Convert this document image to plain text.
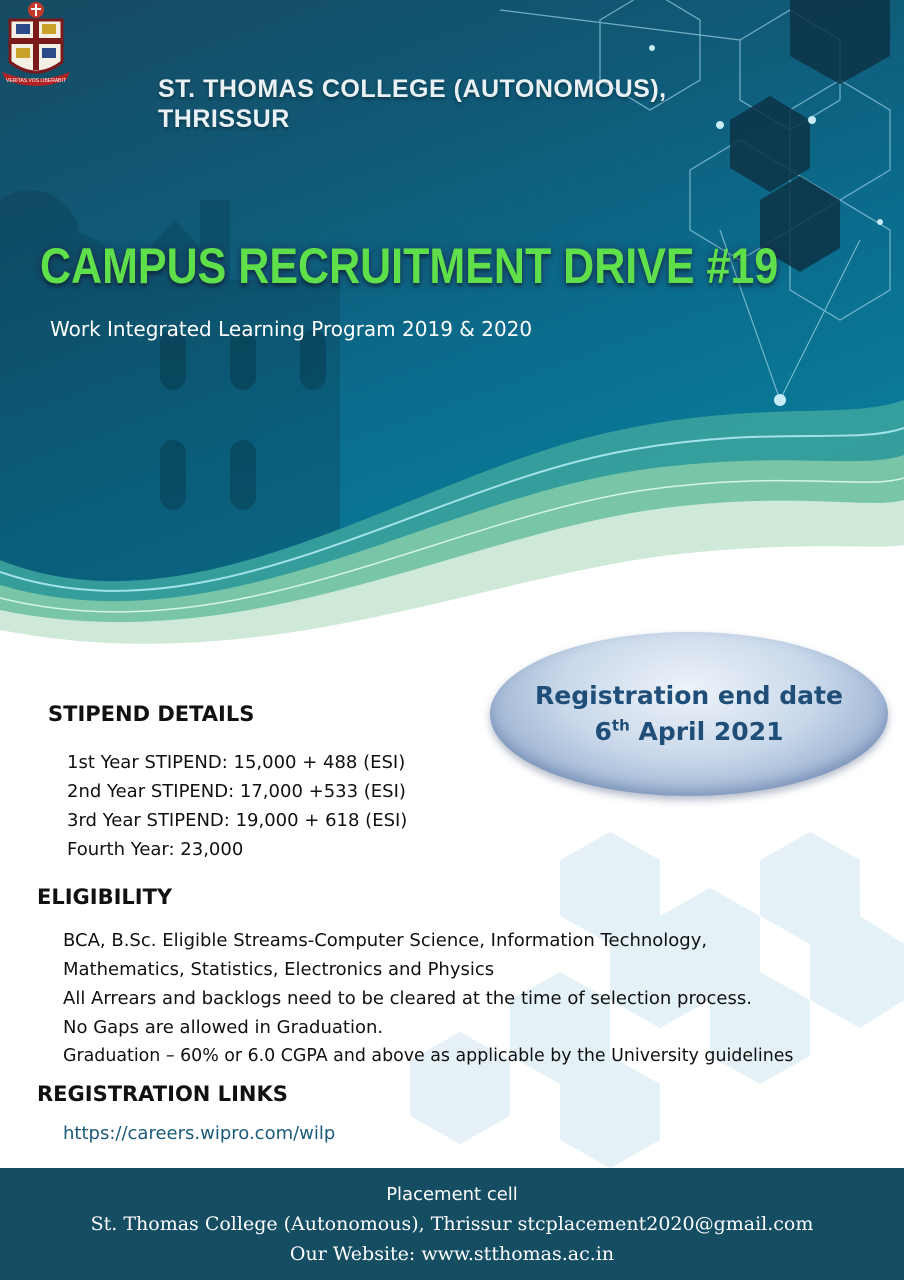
VERITAS VOS LIBERABIT	ST. THOMAS COLLEGE (AUTONOMOUS),
THRISSUR
CAMPUS RECRUITMENT DRIVE #19
Work Integrated Learning Program 2019 & 2020
Registration end date
6th April 2021
STIPEND DETAILS
1st Year STIPEND: 15,000 + 488 (ESI)
2nd Year STIPEND: 17,000 +533 (ESI)
3rd Year STIPEND: 19,000 + 618 (ESI)
Fourth Year: 23,000
ELIGIBILITY
BCA, B.Sc. Eligible Streams-Computer Science, Information Technology,
Mathematics, Statistics, Electronics and Physics
All Arrears and backlogs need to be cleared at the time of selection process.
No Gaps are allowed in Graduation.
Graduation – 60% or 6.0 CGPA and above as applicable by the University guidelines
REGISTRATION LINKS
https://careers.wipro.com/wilp
Placement cell
St. Thomas College (Autonomous), Thrissur stcplacement2020@gmail.com
Our Website: www.stthomas.ac.in
